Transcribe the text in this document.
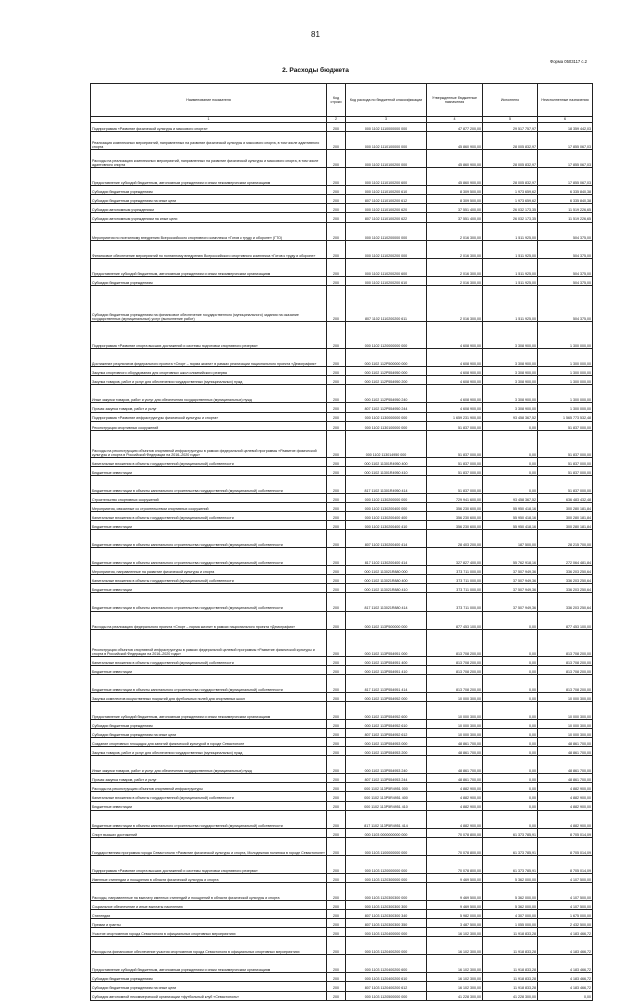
81
Форма 0503117 с.2
2. Расходы бюджета
Наименование показателя	Код строки	Код расхода по бюджетной классификации	Утвержденные бюджетные назначения	Исполнено	Неисполненные назначения
1	2	3	4	5	6
Подпрограмма «Развитие физической культуры и массового спорта»	200	000 1102 1110000000 000	47 877 200,00	29 517 757,97	18 359 442,03
Реализация комплексных мероприятий, направленных на развитие физической культуры и массового спорта, в том числе адаптивного спорта	200	000 1102 1110100000 000	45 860 900,00	28 005 832,97	17 855 067,03
Расходы на реализацию комплексных мероприятий, направленных на развитие физической культуры и массового спорта, в том числе адаптивного спорта	200	000 1102 1110100200 000	45 860 900,00	28 005 832,97	17 855 067,03
Предоставление субсидий бюджетным, автономным учреждениям и иным некоммерческим организациям	200	000 1102 1110100200 600	45 860 900,00	28 005 832,97	17 855 067,03
Субсидии бюджетным учреждениям	200	000 1102 1110100200 610	8 309 500,00	1 973 659,62	6 335 840,38
Субсидии бюджетным учреждениям на иные цели	200	807 1102 1110100200 612	8 309 500,00	1 973 659,62	6 335 840,38
Субсидии автономным учреждениям	200	000 1102 1110100200 620	37 551 400,00	26 032 173,35	11 519 226,65
Субсидии автономным учреждениям на иные цели	200	807 1102 1110100200 622	37 551 400,00	26 032 173,35	11 519 226,65
Мероприятия по поэтапному внедрению Всероссийского спортивного комплекса «Готов к труду и обороне» (ГТО)	200	000 1102 1110200000 000	2 016 300,00	1 511 925,00	504 375,00
Финансовое обеспечение мероприятий по поэтапному внедрению Всероссийского спортивного комплекса «Готов к труду и обороне»	200	000 1102 1110200200 000	2 016 300,00	1 511 925,00	504 375,00
Предоставление субсидий бюджетным, автономным учреждениям и иным некоммерческим организациям	200	000 1102 1110200200 600	2 016 300,00	1 511 925,00	504 375,00
Субсидии бюджетным учреждениям	200	000 1102 1110200200 610	2 016 300,00	1 511 925,00	504 375,00
Субсидии бюджетным учреждениям на финансовое обеспечение государственного (муниципального) задания на оказание государственных (муниципальных) услуг (выполнение работ)	200	807 1102 1110200200 611	2 016 300,00	1 511 925,00	504 375,00
Подпрограмма «Развитие спорта высших достижений и системы подготовки спортивного резерва»	200	000 1102 1120000000 000	4 608 900,00	3 308 900,00	1 300 000,00
Достижение результатов федерального проекта «Спорт – норма жизни» в рамках реализации национального проекта «Демография»	200	000 1102 112P500000 000	4 608 900,00	3 308 900,00	1 300 000,00
Закупка спортивного оборудования для спортивных школ олимпийского резерва	200	000 1102 112P554950 000	4 608 900,00	3 308 900,00	1 300 000,00
Закупка товаров, работ и услуг для обеспечения государственных (муниципальных) нужд	200	000 1102 112P554950 200	4 608 900,00	3 308 900,00	1 300 000,00
Иные закупки товаров, работ и услуг для обеспечения государственных (муниципальных) нужд	200	000 1102 112P554950 240	4 608 900,00	3 308 900,00	1 300 000,00
Прочая закупка товаров, работ и услуг	200	807 1102 112P554950 244	4 608 900,00	3 308 900,00	1 300 000,00
Подпрограмма «Развитие инфраструктуры физической культуры и спорта»	200	000 1102 1130000000 000	1 659 231 900,00	93 458 367,52	1 565 773 532,48
Реконструкция спортивных сооружений	200	000 1102 1130100000 000	51 837 000,00	0,00	51 837 000,00
Расходы на реконструкцию объектов спортивной инфраструктуры в рамках федеральной целевой программы «Развитие физической культуры и спорта в Российской Федерации на 2016–2020 годы»	200	000 1102 113014950 000	51 837 000,00	0,00	51 837 000,00
Капитальные вложения в объекты государственной (муниципальной) собственности	200	000 1102 11301R4950 400	51 837 000,00	0,00	51 837 000,00
Бюджетные инвестиции	200	000 1102 11301R4950 410	51 837 000,00	0,00	51 837 000,00
Бюджетные инвестиции в объекты капитального строительства государственной (муниципальной) собственности	200	817 1102 11301R4950 414	51 837 000,00	0,00	51 837 000,00
Строительство спортивных сооружений	200	000 1102 1130200000 000	729 941 600,00	93 458 367,52	636 483 432,48
Мероприятия, связанные со строительством спортивных сооружений	200	000 1102 1130200400 000	356 230 600,00	55 950 418,16	300 280 181,84
Капитальные вложения в объекты государственной (муниципальной) собственности	200	000 1102 1130200400 400	356 230 600,00	55 950 418,16	300 280 181,84
Бюджетные инвестиции	200	000 1102 1130200400 410	356 230 600,00	55 950 418,16	300 280 181,84
Бюджетные инвестиции в объекты капитального строительства государственной (муниципальной) собственности	200	807 1102 1130200400 414	28 403 200,00	187 500,00	28 215 700,00
Бюджетные инвестиции в объекты капитального строительства государственной (муниципальной) собственности	200	817 1102 1130200400 414	327 827 400,00	55 762 918,16	272 064 481,84
Мероприятия, направленные на развитие физической культуры и спорта	200	000 1102 113021R880 000	373 711 000,00	37 507 949,36	336 203 250,64
Капитальные вложения в объекты государственной (муниципальной) собственности	200	000 1102 113021R880 400	373 711 000,00	37 507 949,36	336 203 250,64
Бюджетные инвестиции	200	000 1102 113021R880 410	373 711 000,00	37 507 949,36	336 203 250,64
Бюджетные инвестиции в объекты капитального строительства государственной (муниципальной) собственности	200	817 1102 113021R880 414	373 711 000,00	37 507 949,36	336 203 250,64
Расходы на реализацию федерального проекта «Спорт – норма жизни» в рамках национального проекта «Демография»	200	000 1102 113P500000 000	877 453 100,00	0,00	877 453 100,00
Реконструкция объектов спортивной инфраструктуры в рамках федеральной целевой программы «Развитие физической культуры и спорта в Российской Федерации на 2016–2020 годы»	200	000 1102 113P554951 000	813 708 200,00	0,00	813 708 200,00
Капитальные вложения в объекты государственной (муниципальной) собственности	200	000 1102 113P554951 400	813 708 200,00	0,00	813 708 200,00
Бюджетные инвестиции	200	000 1102 113P554951 410	813 708 200,00	0,00	813 708 200,00
Бюджетные инвестиции в объекты капитального строительства государственной (муниципальной) собственности	200	817 1102 113P554951 414	813 708 200,00	0,00	813 708 200,00
Закупка комплектов искусственных покрытий для футбольных полей для спортивных школ	200	000 1102 113P554952 000	10 000 300,00	0,00	10 000 300,00
Предоставление субсидий бюджетным, автономным учреждениям и иным некоммерческим организациям	200	000 1102 113P554952 600	10 000 300,00	0,00	10 000 300,00
Субсидии бюджетным учреждениям	200	000 1102 113P554952 610	10 000 300,00	0,00	10 000 300,00
Субсидии бюджетным учреждениям на иные цели	200	807 1102 113P554952 612	10 000 300,00	0,00	10 000 300,00
Создание спортивных площадок для занятий физической культурой в городе Севастополе	200	000 1102 113P554953 000	48 861 700,00	0,00	48 861 700,00
Закупка товаров, работ и услуг для обеспечения государственных (муниципальных) нужд	200	000 1102 113P554953 200	48 861 700,00	0,00	48 861 700,00
Иные закупки товаров, работ и услуг для обеспечения государственных (муниципальных) нужд	200	000 1102 113P554953 240	48 861 700,00	0,00	48 861 700,00
Прочая закупка товаров, работ и услуг	200	807 1102 113P554953 244	48 861 700,00	0,00	48 861 700,00
Расходы на реконструкцию объектов спортивной инфраструктуры	200	000 1102 113P5R4951 000	4 882 900,00	0,00	4 882 900,00
Капитальные вложения в объекты государственной (муниципальной) собственности	200	000 1102 113P5R4951 400	4 882 900,00	0,00	4 882 900,00
Бюджетные инвестиции	200	000 1102 113P5R4951 410	4 882 900,00	0,00	4 882 900,00
Бюджетные инвестиции в объекты капитального строительства государственной (муниципальной) собственности	200	817 1102 113P5R4951 414	4 882 900,00	0,00	4 882 900,00
Спорт высших достижений	200	000 1103 0000000000 000	70 078 800,00	61 373 785,91	8 705 014,09
Государственная программа города Севастополя «Развитие физической культуры и спорта, Молодежная политика в городе Севастополе»	200	000 1103 1100000000 000	70 078 800,00	61 373 785,91	8 705 014,09
Подпрограмма «Развитие спорта высших достижений и системы подготовки спортивного резерва»	200	000 1103 1120000000 000	70 078 800,00	61 373 785,91	8 705 014,09
Именные стипендии и поощрения в области физической культуры и спорта	200	000 1103 1120300000 000	9 469 500,00	5 362 000,00	4 107 500,00
Расходы, направленные на выплату именных стипендий и поощрений в области физической культуры и спорта	200	000 1103 1120300300 000	9 469 500,00	5 362 000,00	4 107 500,00
Социальное обеспечение и иные выплаты населению	200	000 1103 1120300300 300	9 469 500,00	5 362 000,00	4 107 500,00
Стипендии	200	807 1103 1120300300 340	5 982 000,00	4 307 000,00	1 675 000,00
Премии и гранты	200	807 1103 1120300300 350	3 487 500,00	1 055 000,00	2 432 500,00
Участие спортсменов города Севастополя в официальных спортивных мероприятиях	200	000 1103 1120400000 000	16 102 300,00	11 918 833,28	4 183 466,72
Расходы на финансовое обеспечение участия спортсменов города Севастополя в официальных спортивных мероприятиях	200	000 1103 1120400200 000	16 102 300,00	11 918 833,28	4 183 466,72
Предоставление субсидий бюджетным, автономным учреждениям и иным некоммерческим организациям	200	000 1103 1120400200 600	16 102 300,00	11 918 833,28	4 183 466,72
Субсидии бюджетным учреждениям	200	000 1103 1120400200 610	16 102 300,00	11 918 833,28	4 183 466,72
Субсидии бюджетным учреждениям на иные цели	200	807 1103 1120400200 612	16 102 300,00	11 918 833,28	4 183 466,72
Субсидия автономной некоммерческой организации «футбольный клуб «Севастополь»	200	000 1103 1120500000 000	41 228 300,00	41 228 300,00	0,00
